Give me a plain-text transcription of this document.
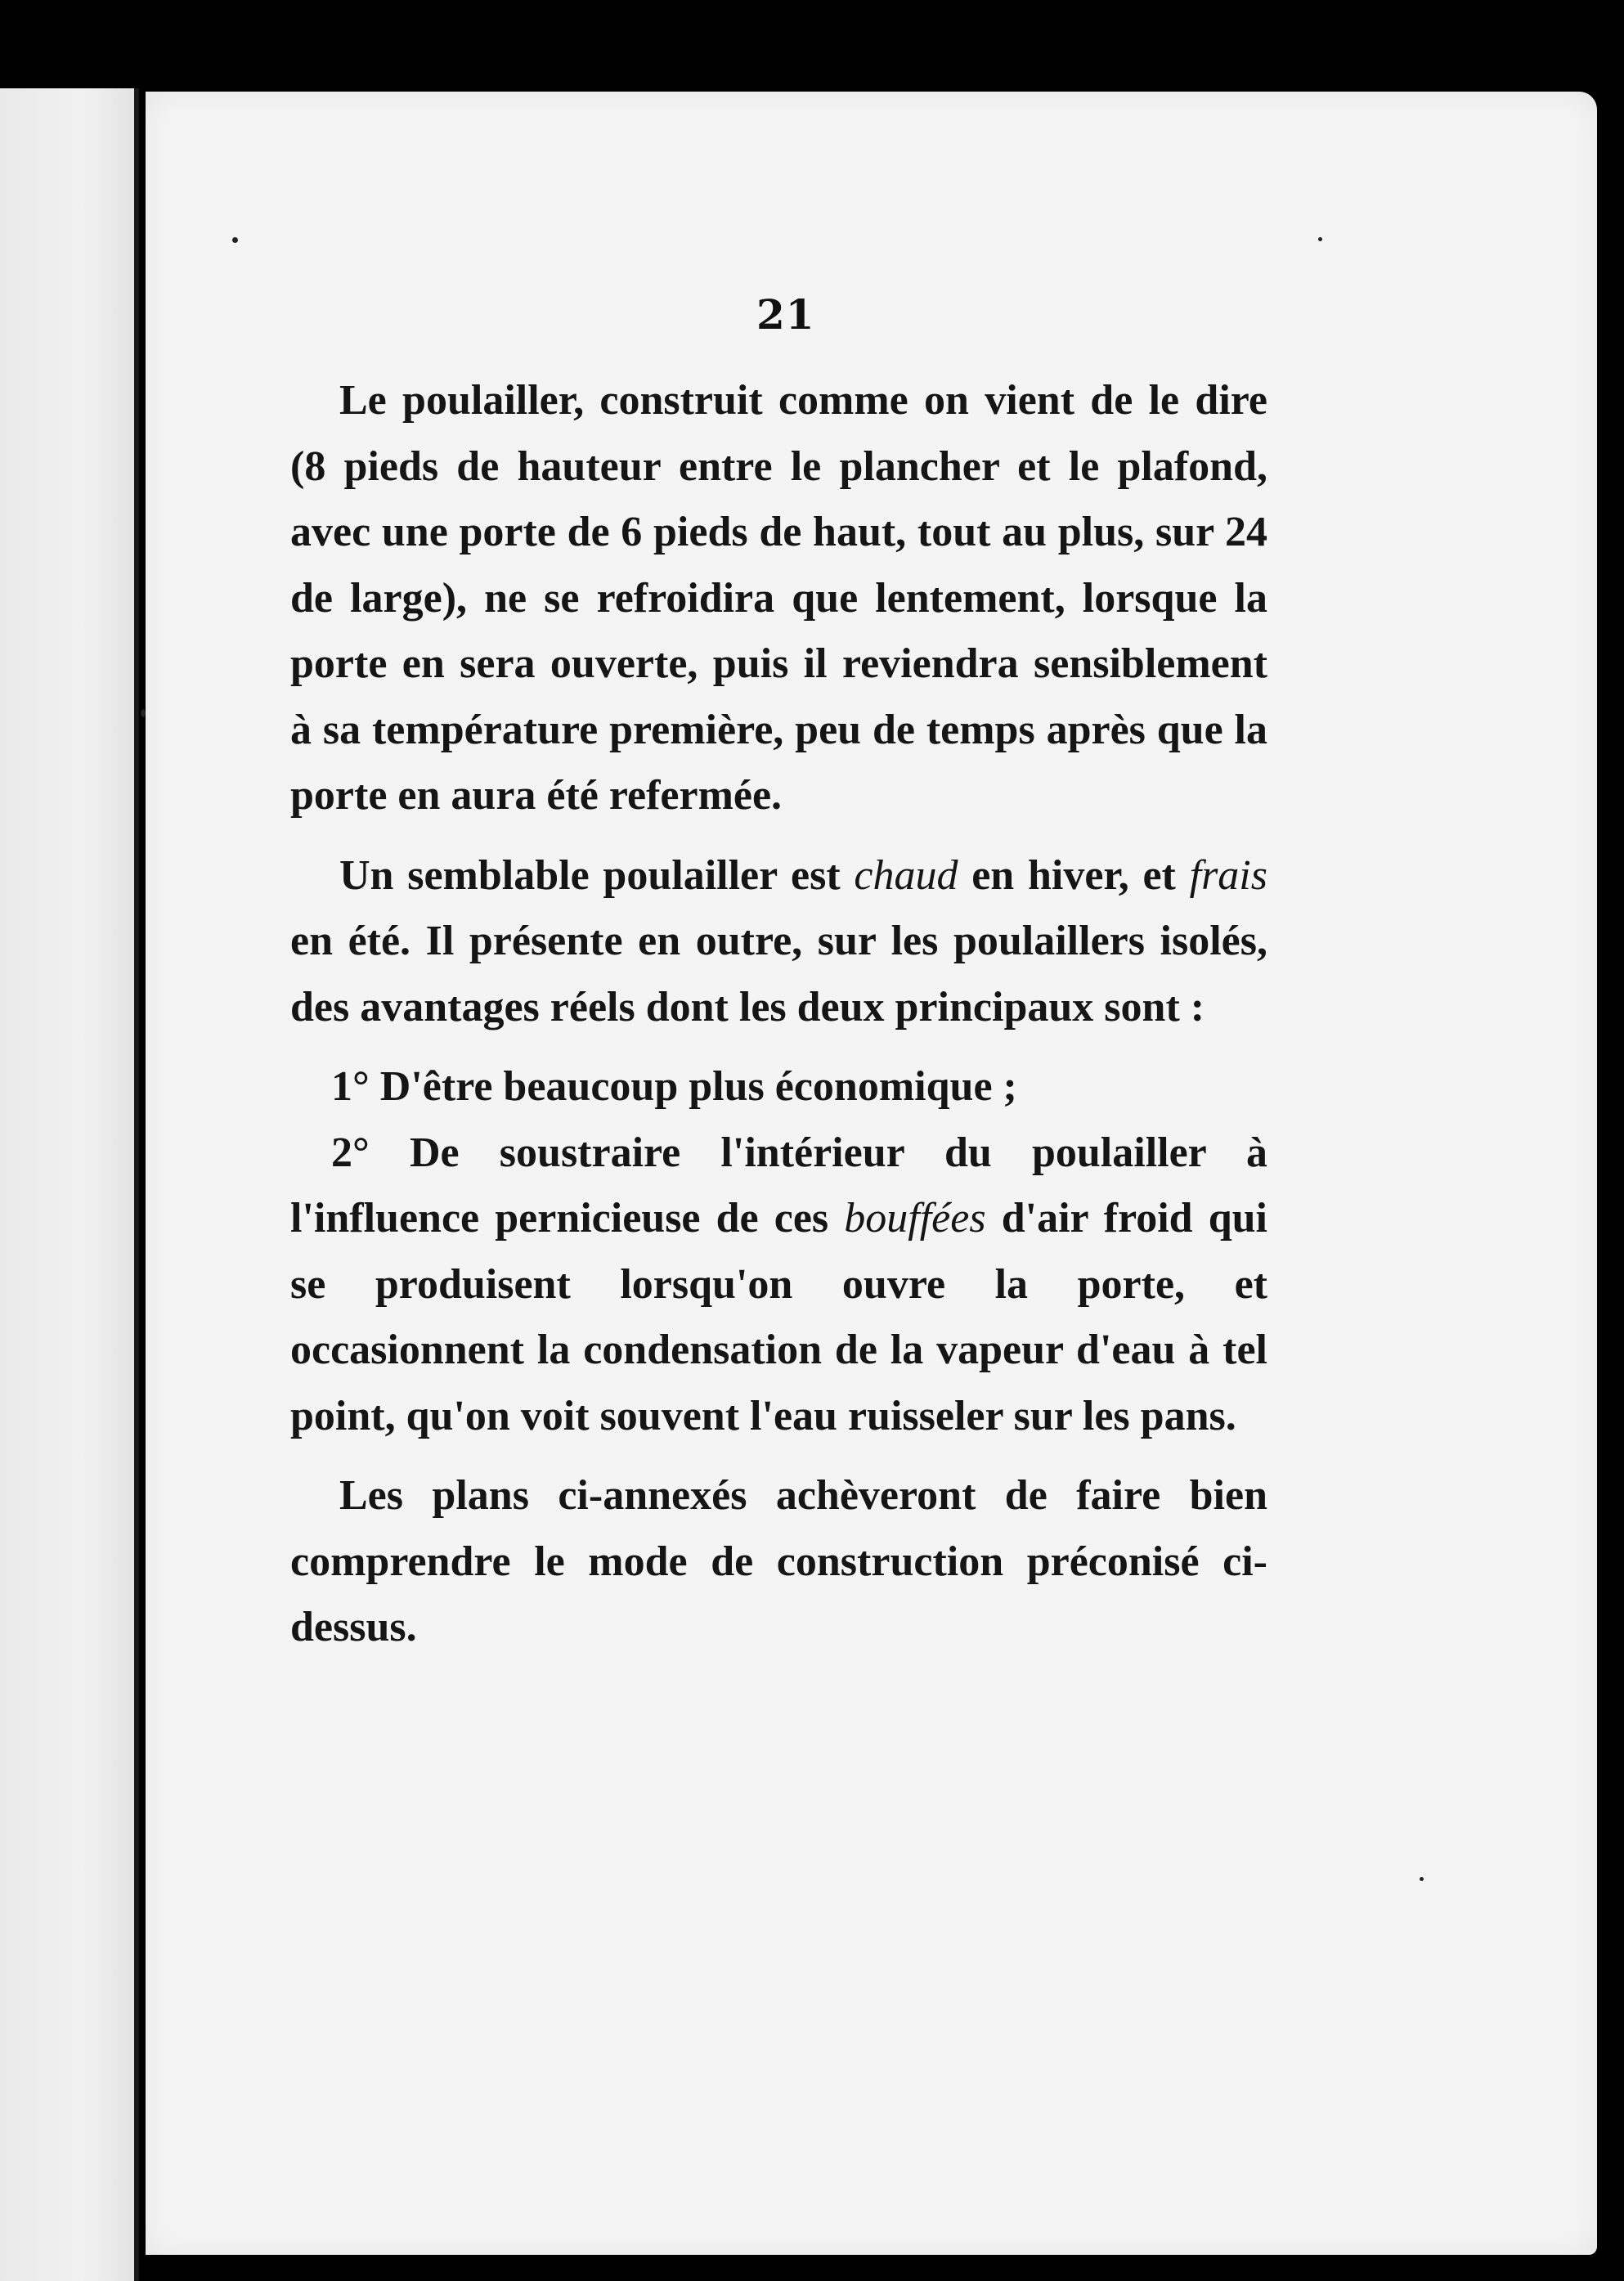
21

Le poulailler, construit comme on vient de le dire (8 pieds de hauteur entre le plancher et le plafond, avec une porte de 6 pieds de haut, tout au plus, sur 24 de large), ne se refroidira que lentement, lorsque la porte en sera ouverte, puis il reviendra sensiblement à sa température première, peu de temps après que la porte en aura été refermée.

Un semblable poulailler est chaud en hiver, et frais en été. Il présente en outre, sur les poulaillers isolés, des avantages réels dont les deux principaux sont :

1° D'être beaucoup plus économique ;

2° De soustraire l'intérieur du poulailler à l'influence pernicieuse de ces bouffées d'air froid qui se produisent lorsqu'on ouvre la porte, et occasionnent la condensation de la vapeur d'eau à tel point, qu'on voit souvent l'eau ruisseler sur les pans.

Les plans ci-annexés achèveront de faire bien comprendre le mode de construction préconisé ci-dessus.
